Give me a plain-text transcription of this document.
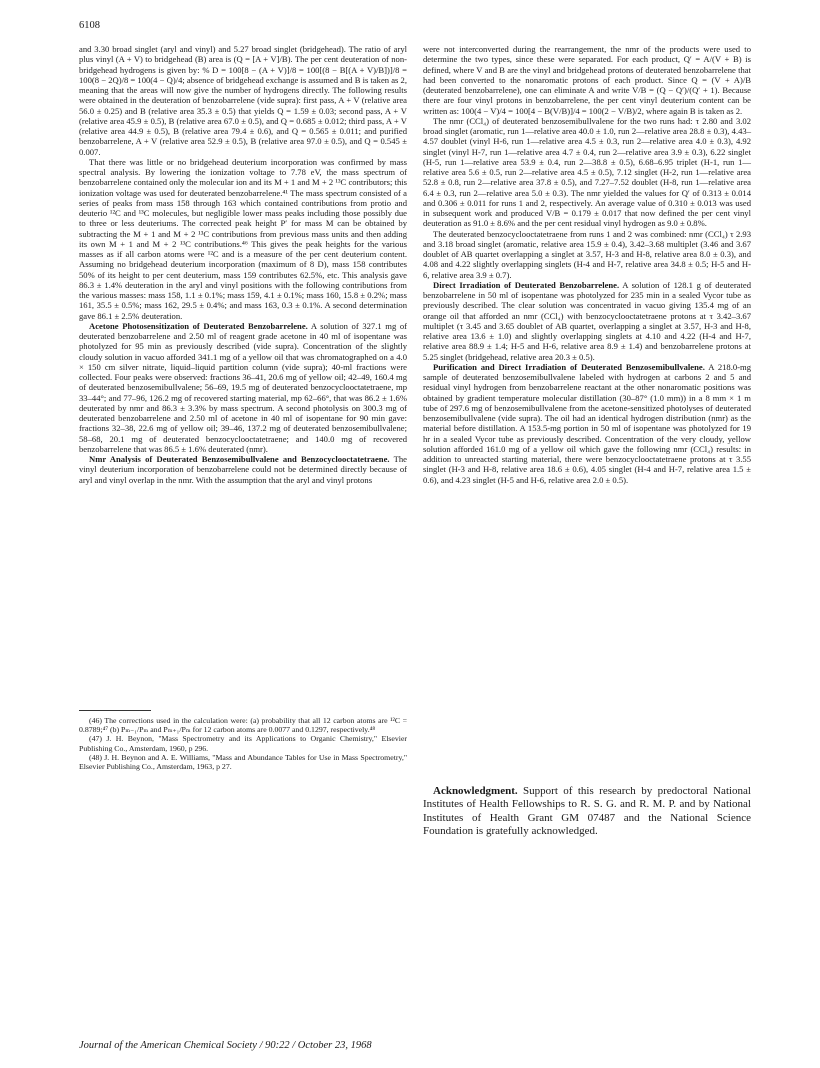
6108

and 3.30 broad singlet (aryl and vinyl) and 5.27 broad singlet (bridgehead). The ratio of aryl plus vinyl (A + V) to bridgehead (B) area is (Q = [A + V]/B). The per cent deuteration of non-bridgehead hydrogens is given by: % D = 100[8 − (A + V)]/8 = 100[(8 − B[(A + V)/B])]/8 = 100(8 − 2Q)/8 = 100(4 − Q)/4; absence of bridgehead exchange is assumed and B is taken as 2, meaning that the areas will now give the number of hydrogens directly. The following results were obtained in the deuteration of benzobarrelene (vide supra): first pass, A + V (relative area 56.0 ± 0.25) and B (relative area 35.3 ± 0.5) that yields Q = 1.59 ± 0.03; second pass, A + V (relative area 45.9 ± 0.5), B (relative area 67.0 ± 0.5), and Q = 0.685 ± 0.012; third pass, A + V (relative area 44.9 ± 0.5), B (relative area 79.4 ± 0.6), and Q = 0.565 ± 0.011; and purified benzobarrelene, A + V (relative area 52.9 ± 0.5), B (relative area 97.0 ± 0.5), and Q = 0.545 ± 0.007.

That there was little or no bridgehead deuterium incorporation was confirmed by mass spectral analysis. By lowering the ionization voltage to 7.78 eV, the mass spectrum of benzobarrelene contained only the molecular ion and its M + 1 and M + 2 ¹³C contributors; this ionization voltage was used for deuterated benzobarrelene.⁴¹ The mass spectrum consisted of a series of peaks from mass 158 through 163 which contained contributions from protio and deuterio ¹²C and ¹³C molecules, but negligible lower mass peaks including those possibly due to three or less deuteriums. The corrected peak height P′ for mass M can be obtained by subtracting the M + 1 and M + 2 ¹³C contributions from previous mass units and then adding its own M + 1 and M + 2 ¹³C contributions.⁴⁶ This gives the peak heights for the various masses as if all carbon atoms were ¹²C and is a measure of the per cent deuterium content. Assuming no bridgehead deuterium incorporation (maximum of 8 D), mass 158 contributes 50% of its height to per cent deuterium, mass 159 contributes 62.5%, etc. This analysis gave 86.3 ± 1.4% deuteration in the aryl and vinyl positions with the following contributions from the various masses: mass 158, 1.1 ± 0.1%; mass 159, 4.1 ± 0.1%; mass 160, 15.8 ± 0.2%; mass 161, 35.5 ± 0.5%; mass 162, 29.5 ± 0.4%; and mass 163, 0.3 ± 0.1%. A second determination gave 86.1 ± 2.5% deuteration.

Acetone Photosensitization of Deuterated Benzobarrelene. A solution of 327.1 mg of deuterated benzobarrelene and 2.50 ml of reagent grade acetone in 40 ml of isopentane was photolyzed for 95 min as previously described (vide supra). Concentration of the slightly cloudy solution in vacuo afforded 341.1 mg of a yellow oil that was chromatographed on a 4.0 × 150 cm silver nitrate, liquid–liquid partition column (vide supra); 40-ml fractions were collected. Four peaks were observed: fractions 36–41, 20.6 mg of yellow oil; 42–49, 160.4 mg of deuterated benzosemibullvalene; 56–69, 19.5 mg of deuterated benzocyclooctatetraene, mp 33–44°; and 77–96, 126.2 mg of recovered starting material, mp 62–66°, that was 86.2 ± 1.6% deuterated by nmr and 86.3 ± 3.3% by mass spectrum. A second photolysis on 300.3 mg of deuterated benzobarrelene and 2.50 ml of acetone in 40 ml of isopentane for 90 min gave: fractions 32–38, 22.6 mg of yellow oil; 39–46, 137.2 mg of deuterated benzosemibullvalene; 58–68, 20.1 mg of deuterated benzocyclooctatetraene; and 140.0 mg of recovered benzobarrelene that was 86.5 ± 1.6% deuterated (nmr).

Nmr Analysis of Deuterated Benzosemibullvalene and Benzocyclooctatetraene. The vinyl deuterium incorporation of benzobarrelene could not be determined directly because of aryl and vinyl overlap in the nmr. With the assumption that the aryl and vinyl protons

(46) The corrections used in the calculation were: (a) probability that all 12 carbon atoms are ¹²C = 0.8789;⁴⁷ (b) Pₘ₋₁/Pₘ and Pₘ₊₁/Pₘ for 12 carbon atoms are 0.0077 and 0.1297, respectively.⁴⁸

(47) J. H. Beynon, "Mass Spectrometry and its Applications to Organic Chemistry," Elsevier Publishing Co., Amsterdam, 1960, p 296.

(48) J. H. Beynon and A. E. Williams, "Mass and Abundance Tables for Use in Mass Spectrometry," Elsevier Publishing Co., Amsterdam, 1963, p 27.

were not interconverted during the rearrangement, the nmr of the products were used to determine the two types, since these were separated. For each product, Q′ = A/(V + B) is defined, where V and B are the vinyl and bridgehead protons of deuterated benzobarrelene that had been converted to the nonaromatic protons of each product. Since Q = (V + A)/B (deuterated benzobarrelene), one can eliminate A and write V/B = (Q − Q′)/(Q′ + 1). Because there are four vinyl protons in benzobarrelene, the per cent vinyl deuterium content can be written as: 100(4 − V)/4 = 100[4 − B(V/B)]/4 = 100(2 − V/B)/2, where again B is taken as 2.

The nmr (CCl₄) of deuterated benzosemibullvalene for the two runs had: τ 2.80 and 3.02 broad singlet (aromatic, run 1—relative area 40.0 ± 1.0, run 2—relative area 28.8 ± 0.3), 4.43–4.57 doublet (vinyl H-6, run 1—relative area 4.5 ± 0.3, run 2—relative area 4.0 ± 0.3), 4.92 singlet (vinyl H-7, run 1—relative area 4.7 ± 0.4, run 2—relative area 3.9 ± 0.3), 6.22 singlet (H-5, run 1—relative area 53.9 ± 0.4, run 2—38.8 ± 0.5), 6.68–6.95 triplet (H-1, run 1—relative area 5.6 ± 0.5, run 2—relative area 4.5 ± 0.5), 7.12 singlet (H-2, run 1—relative area 52.8 ± 0.8, run 2—relative area 37.8 ± 0.5), and 7.27–7.52 doublet (H-8, run 1—relative area 6.4 ± 0.3, run 2—relative area 5.0 ± 0.3). The nmr yielded the values for Q′ of 0.313 ± 0.014 and 0.306 ± 0.011 for runs 1 and 2, respectively. An average value of 0.310 ± 0.013 was used in subsequent work and produced V/B = 0.179 ± 0.017 that now defined the per cent vinyl deuteration as 91.0 ± 8.6% and the per cent residual vinyl hydrogen as 9.0 ± 0.8%.

The deuterated benzocyclooctatetraene from runs 1 and 2 was combined: nmr (CCl₄) τ 2.93 and 3.18 broad singlet (aromatic, relative area 15.9 ± 0.4), 3.42–3.68 multiplet (3.46 and 3.67 doublet of AB quartet overlapping a singlet at 3.57, H-3 and H-8, relative area 8.0 ± 0.3), and 4.08 and 4.22 slightly overlapping singlets (H-4 and H-7, relative area 34.8 ± 0.5; H-5 and H-6, relative area 3.9 ± 0.7).

Direct Irradiation of Deuterated Benzobarrelene. A solution of 128.1 g of deuterated benzobarrelene in 50 ml of isopentane was photolyzed for 235 min in a sealed Vycor tube as previously described. The clear solution was concentrated in vacuo giving 135.4 mg of an orange oil that afforded an nmr (CCl₄) with benzocyclooctatetraene protons at τ 3.42–3.67 multiplet (τ 3.45 and 3.65 doublet of AB quartet, overlapping a singlet at 3.57, H-3 and H-8, relative area 13.6 ± 1.0) and slightly overlapping singlets at 4.10 and 4.22 (H-4 and H-7, relative area 88.9 ± 1.4; H-5 and H-6, relative area 8.9 ± 1.4) and benzobarrelene protons at 5.25 singlet (bridgehead, relative area 20.3 ± 0.5).

Purification and Direct Irradiation of Deuterated Benzosemibullvalene. A 218.0-mg sample of deuterated benzosemibullvalene labeled with hydrogen at carbons 2 and 5 and residual vinyl hydrogen from benzobarrelene reactant at the other nonaromatic positions was obtained by gradient temperature molecular distillation (30–87° (1.0 mm)) in a 8 mm × 1 m tube of 297.6 mg of benzosemibullvalene from the acetone-sensitized photolyses of deuterated benzosemibullvalene (vide supra). The oil had an identical hydrogen distribution (nmr) as the material before distillation. A 153.5-mg portion in 50 ml of isopentane was photolyzed for 19 hr in a sealed Vycor tube as previously described. Concentration of the very cloudy, yellow solution afforded 161.0 mg of a yellow oil which gave the following nmr (CCl₄) results: in addition to unreacted starting material, there were benzocyclooctatetraene protons at τ 3.55 singlet (H-3 and H-8, relative area 18.6 ± 0.6), 4.05 singlet (H-4 and H-7, relative area 1.5 ± 0.6), and 4.23 singlet (H-5 and H-6, relative area 2.0 ± 0.5).

Acknowledgment. Support of this research by predoctoral National Institutes of Health Fellowships to R. S. G. and R. M. P. and by National Institutes of Health Grant GM 07487 and the National Science Foundation is gratefully acknowledged.

Journal of the American Chemical Society / 90:22 / October 23, 1968
